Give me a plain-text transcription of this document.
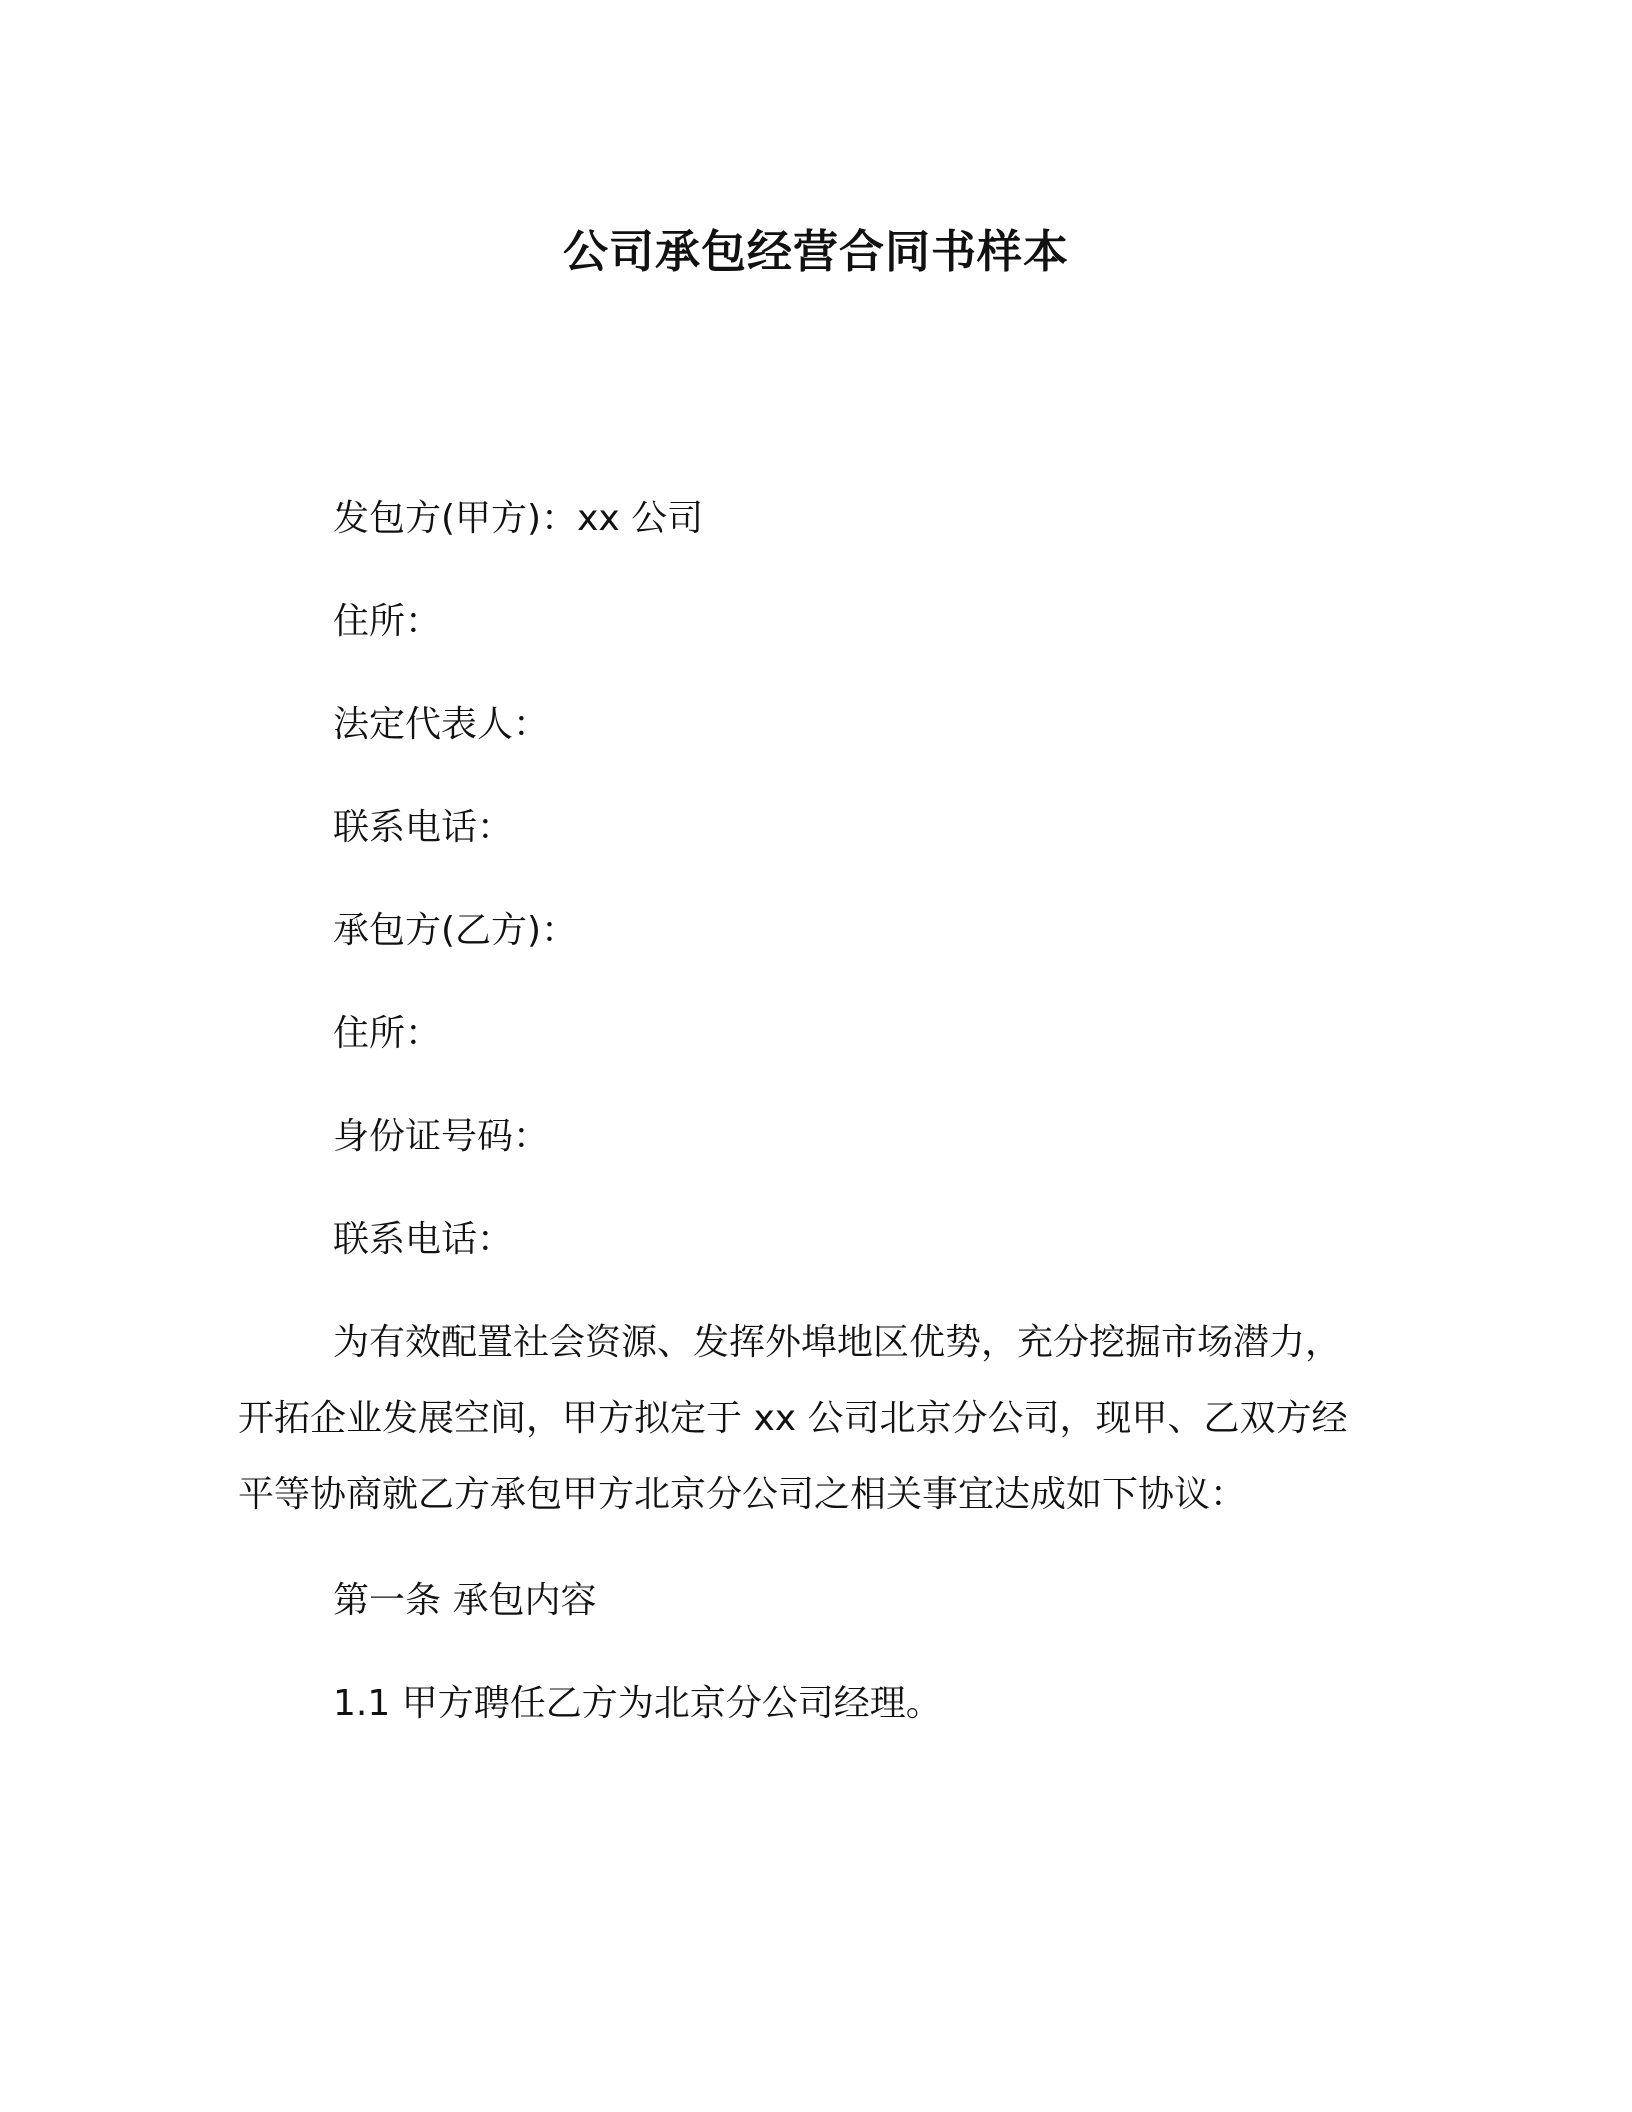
公司承包经营合同书样本
发包方(甲方)：xx 公司
住所：
法定代表人：
联系电话：
承包方(乙方)：
住所：
身份证号码：
联系电话：
为有效配置社会资源、发挥外埠地区优势，充分挖掘市场潜力，
开拓企业发展空间，甲方拟定于 xx 公司北京分公司，现甲、乙双方经
平等协商就乙方承包甲方北京分公司之相关事宜达成如下协议：
第一条 承包内容
1.1 甲方聘任乙方为北京分公司经理。
